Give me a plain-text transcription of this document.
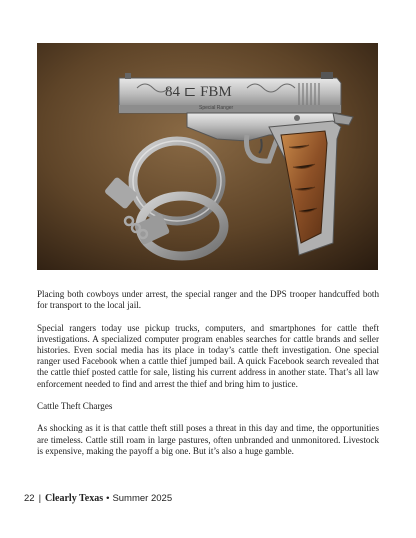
84 ⊏ FBM
Special Ranger

Placing both cowboys under arrest, the special ranger and the DPS trooper handcuffed both for transport to the local jail.

Special rangers today use pickup trucks, computers, and smartphones for cattle theft investigations. A specialized computer program enables searches for cattle brands and seller histories. Even social media has its place in today’s cattle theft investigation. One special ranger used Facebook when a cattle thief jumped bail. A quick Facebook search revealed that the cattle thief posted cattle for sale, listing his current address in another state. That’s all law enforcement needed to find and arrest the thief and bring him to justice.

Cattle Theft Charges

As shocking as it is that cattle theft still poses a threat in this day and time, the opportunities are timeless. Cattle still roam in large pastures, often unbranded and unmonitored. Livestock is expensive, making the payoff a big one. But it’s also a huge gamble.

22 | Clearly Texas • Summer 2025
